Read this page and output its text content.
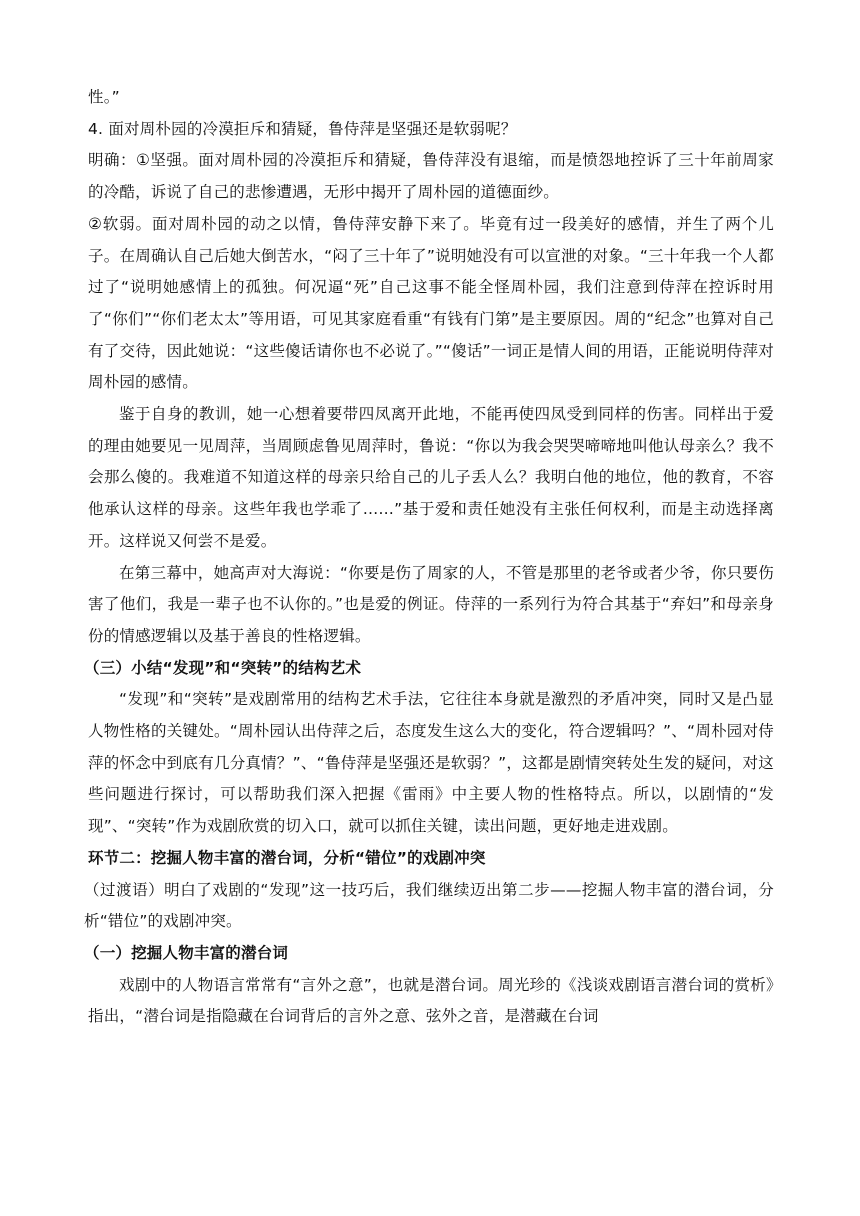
性。”

4. 面对周朴园的冷漠拒斥和猜疑，鲁侍萍是坚强还是软弱呢？

明确：①坚强。面对周朴园的冷漠拒斥和猜疑，鲁侍萍没有退缩，而是愤怨地控诉了三十年前周家的冷酷，诉说了自己的悲惨遭遇，无形中揭开了周朴园的道德面纱。

②软弱。面对周朴园的动之以情，鲁侍萍安静下来了。毕竟有过一段美好的感情，并生了两个儿子。在周确认自己后她大倒苦水，“闷了三十年了”说明她没有可以宣泄的对象。“三十年我一个人都过了“说明她感情上的孤独。何况逼“死”自己这事不能全怪周朴园，我们注意到侍萍在控诉时用了“你们”“你们老太太”等用语，可见其家庭看重“有钱有门第”是主要原因。周的“纪念”也算对自己有了交待，因此她说：“这些傻话请你也不必说了。”“傻话”一词正是情人间的用语，正能说明侍萍对周朴园的感情。

鉴于自身的教训，她一心想着要带四凤离开此地，不能再使四凤受到同样的伤害。同样出于爱的理由她要见一见周萍，当周顾虑鲁见周萍时，鲁说：“你以为我会哭哭啼啼地叫他认母亲么？我不会那么傻的。我难道不知道这样的母亲只给自己的儿子丢人么？我明白他的地位，他的教育，不容他承认这样的母亲。这些年我也学乖了……”基于爱和责任她没有主张任何权利，而是主动选择离开。这样说又何尝不是爱。

在第三幕中，她高声对大海说：“你要是伤了周家的人，不管是那里的老爷或者少爷，你只要伤害了他们，我是一辈子也不认你的。”也是爱的例证。侍萍的一系列行为符合其基于“弃妇”和母亲身份的情感逻辑以及基于善良的性格逻辑。

（三）小结“发现”和“突转”的结构艺术

“发现”和“突转”是戏剧常用的结构艺术手法，它往往本身就是激烈的矛盾冲突，同时又是凸显人物性格的关键处。“周朴园认出侍萍之后，态度发生这么大的变化，符合逻辑吗？”、“周朴园对侍萍的怀念中到底有几分真情？”、“鲁侍萍是坚强还是软弱？”，这都是剧情突转处生发的疑问，对这些问题进行探讨，可以帮助我们深入把握《雷雨》中主要人物的性格特点。所以，以剧情的“发现”、“突转”作为戏剧欣赏的切入口，就可以抓住关键，读出问题，更好地走进戏剧。

环节二：挖掘人物丰富的潜台词，分析“错位”的戏剧冲突

（过渡语）明白了戏剧的“发现”这一技巧后，我们继续迈出第二步——挖掘人物丰富的潜台词，分析“错位”的戏剧冲突。

（一）挖掘人物丰富的潜台词

戏剧中的人物语言常常有“言外之意”，也就是潜台词。周光珍的《浅谈戏剧语言潜台词的赏析》指出，“潜台词是指隐藏在台词背后的言外之意、弦外之音，是潜藏在台词
